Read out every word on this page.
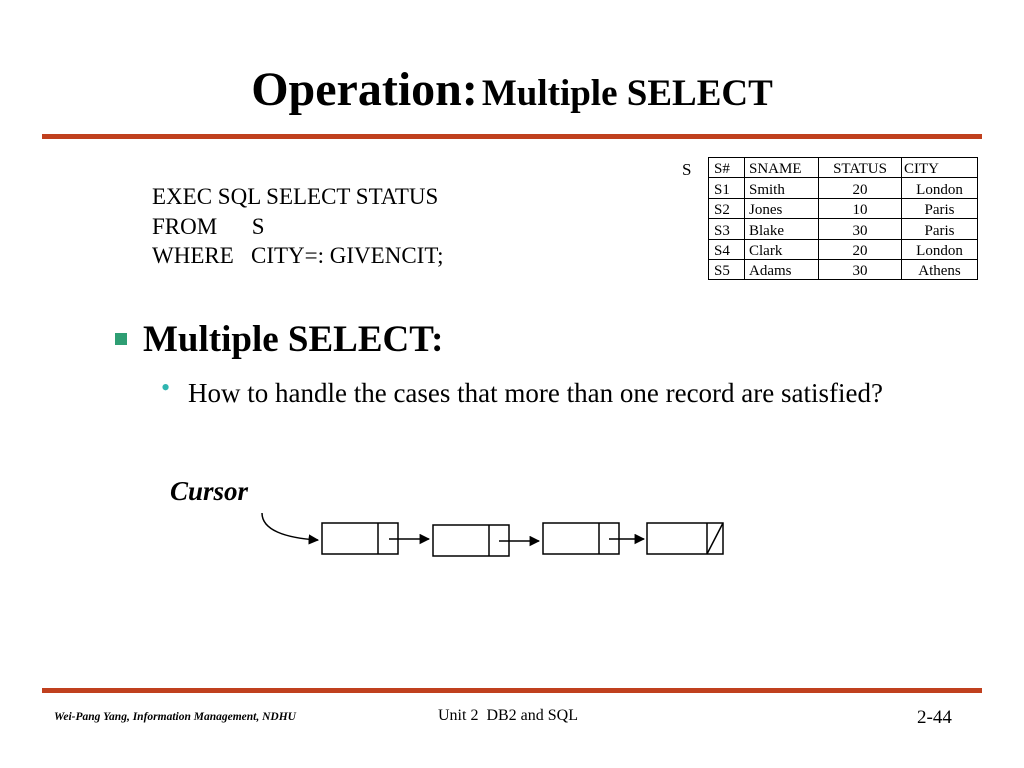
Operation: Multiple SELECT
EXEC SQL SELECT STATUS
FROM      S
WHERE   CITY=: GIVENCIT;
S S#	SNAME	STATUS	CITY
S1	Smith	20	London
S2	Jones	10	Paris
S3	Blake	30	Paris
S4	Clark	20	London
S5	Adams	30	Athens
Multiple SELECT:
• How to handle the cases that more than one record are satisfied?
Cursor
Wei-Pang Yang, Information Management, NDHU	Unit 2  DB2 and SQL	2-44
